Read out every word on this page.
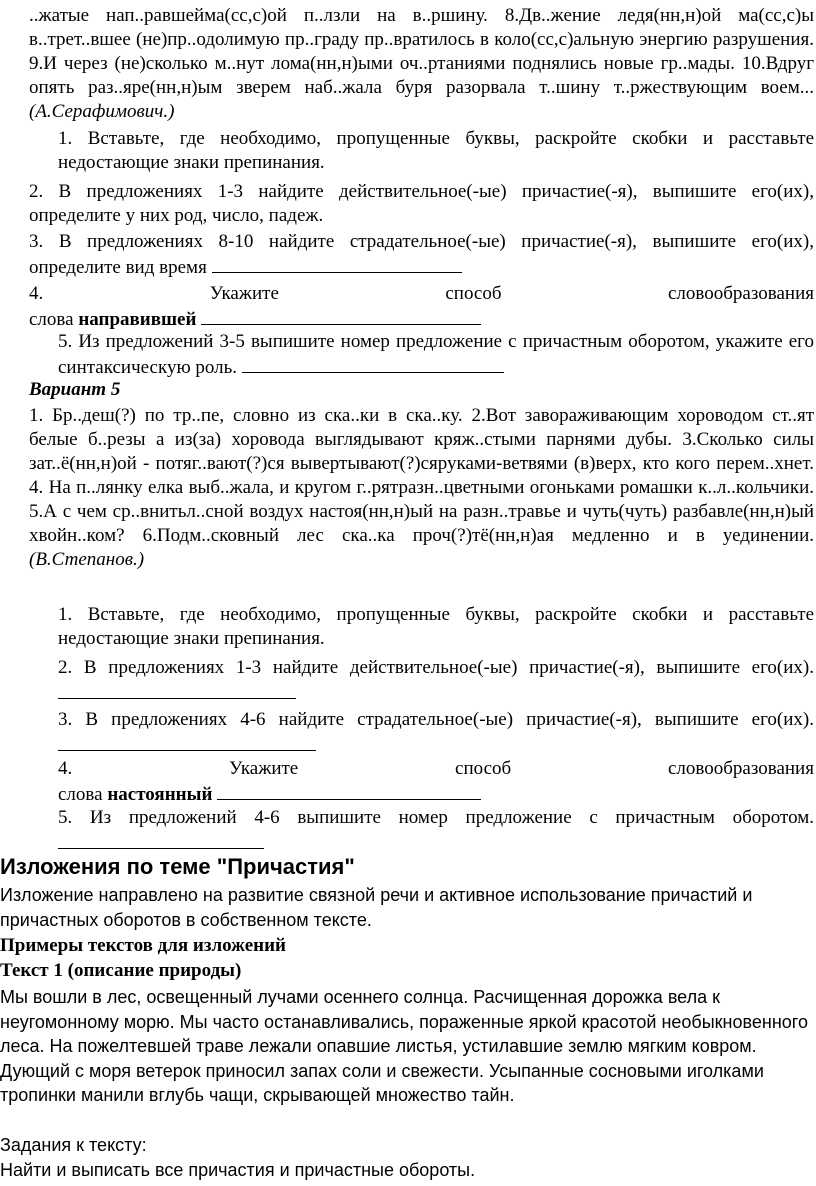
..жатые нап..равшейма(сс,с)ой п..лзли на в..ршину. 8.Дв..жение ледя(нн,н)ой ма(сс,с)ы в..трет..вшее (не)пр..одолимую пр..граду пр..вратилось в коло(сс,с)альную энергию разрушения. 9.И через (не)сколько м..нут лома(нн,н)ыми оч..ртаниями поднялись новые гр..мады. 10.Вдруг опять раз..яре(нн,н)ым зверем наб..жала буря разорвала т..шину т..ржествующим воем... (А.Серафимович.)
1. Вставьте, где необходимо, пропущенные буквы, раскройте скобки и расставьте недостающие знаки препинания.
2. В предложениях 1-3 найдите действительное(-ые) причастие(-я), выпишите его(их), определите у них род, число, падеж.
3. В предложениях 8-10 найдите страдательное(-ые) причастие(-я), выпишите его(их), определите вид время
4.	Укажите	способ	словообразования
слова направившей
5. Из предложений 3-5 выпишите номер предложение с причастным оборотом, укажите его синтаксическую роль.
Вариант 5
1. Бр..деш(?) по тр..пе, словно из ска..ки в ска..ку. 2.Вот завораживающим хороводом ст..ят белые б..резы а из(за) хоровода выглядывают кряж..стыми парнями дубы. 3.Сколько силы зат..ё(нн,н)ой - потяг..вают(?)ся вывертывают(?)сяруками-ветвями (в)верх, кто кого перем..хнет. 4. На п..лянку елка выб..жала, и кругом г..рятразн..цветными огоньками ромашки к..л..кольчики. 5.А с чем ср..внитьл..сной воздух настоя(нн,н)ый на разн..травье и чуть(чуть) разбавле(нн,н)ый хвойн..ком? 6.Подм..сковный лес ска..ка проч(?)тё(нн,н)ая медленно и в уединении. (В.Степанов.)
1. Вставьте, где необходимо, пропущенные буквы, раскройте скобки и расставьте недостающие знаки препинания.
2. В предложениях 1-3 найдите действительное(-ые) причастие(-я), выпишите его(их).
3. В предложениях 4-6 найдите страдательное(-ые) причастие(-я), выпишите его(их).
4.	Укажите	способ	словообразования
слова настоянный
5. Из предложений 4-6 выпишите номер предложение с причастным оборотом.
Изложения по теме "Причастия"
Изложение направлено на развитие связной речи и активное использование причастий и причастных оборотов в собственном тексте.
Примеры текстов для изложений
Текст 1 (описание природы)
Мы вошли в лес, освещенный лучами осеннего солнца. Расчищенная дорожка вела к неугомонному морю. Мы часто останавливались, пораженные яркой красотой необыкновенного леса. На пожелтевшей траве лежали опавшие листья, устилавшие землю мягким ковром. Дующий с моря ветерок приносил запах соли и свежести. Усыпанные сосновыми иголками тропинки манили вглубь чащи, скрывающей множество тайн.
Задания к тексту:
Найти и выписать все причастия и причастные обороты.
